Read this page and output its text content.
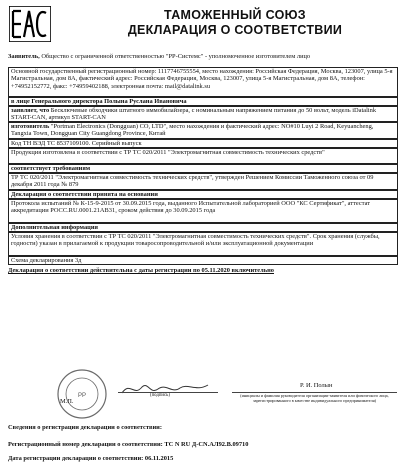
ТАМОЖЕННЫЙ СОЮЗ
ДЕКЛАРАЦИЯ О СООТВЕТСТВИИ
Заявитель, Общество с ограниченной ответственностью "РР-Системс" - уполномоченное изготовителем лицо
Основной государственный регистрационный номер: 1117746755554, место нахождения: Российская Федерация, Москва, 123007, улица 5-я Магистральная, дом 8А, фактический адрес: Российская Федерация, Москва, 123007, улица 5-я Магистральная, дом 8А, телефон: +74952152772, факс: +74959402188, электронная почта: mail@datalink.su
в лице Генерального директора Полына Руслана Ивановича
заявляет, что Бесключевые обходчики штатного иммобилайзера, с номинальным напряжением питания до 50 вольт, модель iDatalink START-CAN, артикул START-CAN
изготовитель "Portman Electronics (Dongguan) CO, LTD", место нахождения и фактический адрес: NO#10 Luyi 2 Road, Keyuancheng, Tangxia Town, Dongguan City Guangdong Province, Китай
Код ТН ВЭД ТС 8537109100. Серийный выпуск
Продукция изготовлена в соответствии с ТР ТС 020/2011 "Электромагнитная совместимость технических средств"
соответствует требованиям
ТР ТС 020/2011 "Электромагнитная совместимость технических средств", утвержден Решением Комиссии Таможенного союза от 09 декабря 2011 года № 879
Декларация о соответствии принята на основании
Протокола испытаний № К-15-9-2015 от 30.09.2015 года, выданного Испытательной лабораторией ООО "КС Сертификат", аттестат аккредитации РОСС.RU.0001.21АВ31, сроком действия до 30.09.2015 года
Дополнительная информация
Условия хранения в соответствии с ТР ТС 020/2011 "Электромагнитная совместимость технических средств". Срок хранения (службы, годности) указан в прилагаемой к продукции товаросопроводительной и/или эксплуатационной документации
Схема декларирования 3д
Декларация о соответствии действительна с даты регистрации по 05.11.2020 включительно
РР	(подпись)
Р. И. Полын
(инициалы и фамилия руководителя организации-заявителя или физического лица, зарегистрированного в качестве индивидуального предпринимателя)
М.П.
Сведения о регистрации декларации о соответствии:
Регистрационный номер декларации о соответствии: ТС N RU Д-CN.AЛ92.В.09710
Дата регистрации декларации о соответствии: 06.11.2015
